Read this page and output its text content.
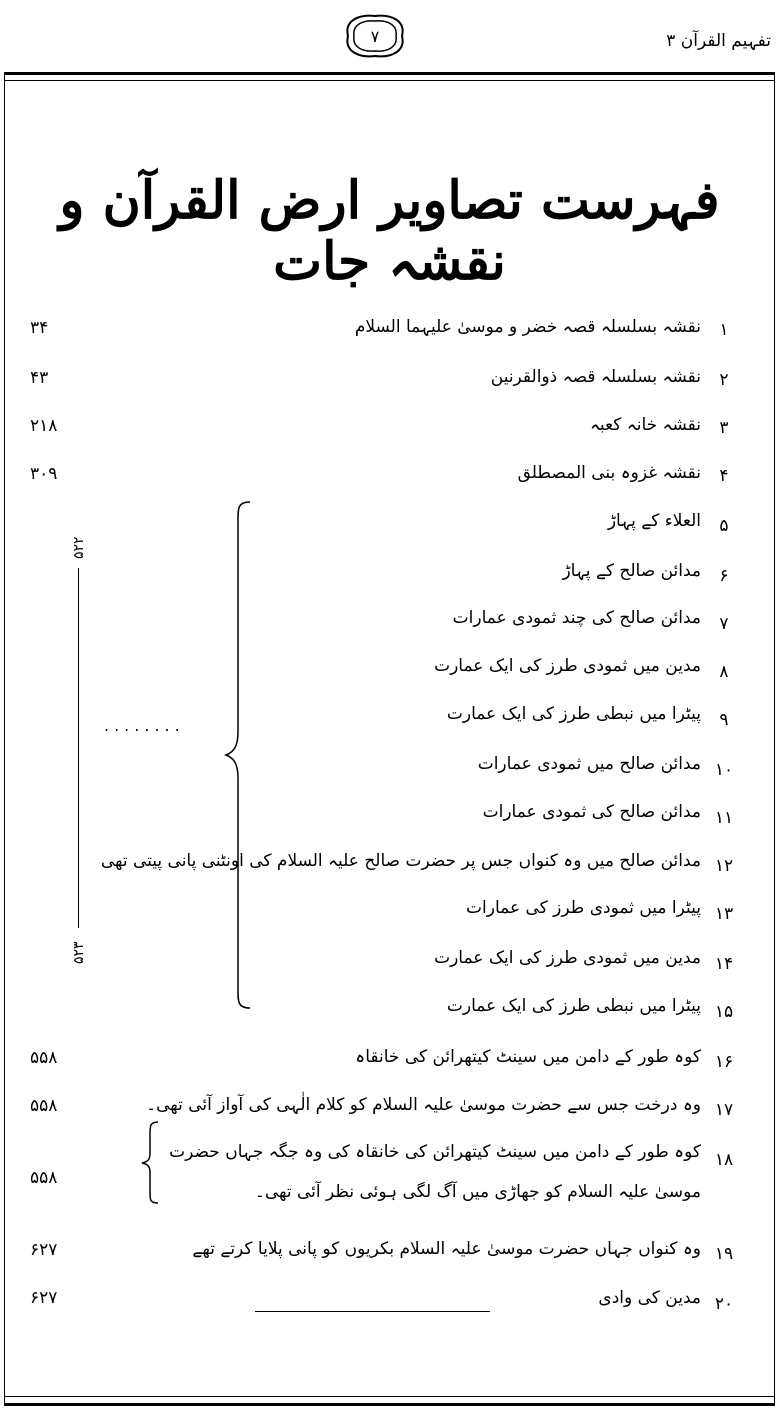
تفہیم القرآن ۳
۷
فہرست تصاویر ارض القرآن و نقشہ جات
۱
نقشہ بسلسلہ قصہ خضر و موسیٰ علیہما السلام
۳۴
۲
نقشہ بسلسلہ قصہ ذوالقرنین
۴۳
۳
نقشہ خانہ کعبہ
۲۱۸
۴
نقشہ غزوہ بنی المصطلق
۳۰۹
۵
العلاء کے پہاڑ
۶
مدائن صالح کے پہاڑ
۷
مدائن صالح کی چند ثمودی عمارات
۸
مدین میں ثمودی طرز کی ایک عمارت
۹
پیٹرا میں نبطی طرز کی ایک عمارت
۱۰
مدائن صالح میں ثمودی عمارات
۱۱
مدائن صالح کی ثمودی عمارات
۱۲
مدائن صالح میں وہ کنواں جس پر حضرت صالح علیہ السلام کی اونٹنی پانی پیتی تھی
۱۳
پیٹرا میں ثمودی طرز کی عمارات
۱۴
مدین میں ثمودی طرز کی ایک عمارت
۱۵
پیٹرا میں نبطی طرز کی ایک عمارت
۱۶
کوہ طور کے دامن میں سینٹ کیتھرائن کی خانقاہ
۵۵۸
۱۷
وہ درخت جس سے حضرت موسیٰ علیہ السلام کو کلام الٰہی کی آواز آئی تھی۔
۵۵۸
۱۸
کوہ طور کے دامن میں سینٹ کیتھرائن کی خانقاہ کی وہ جگہ جہاں حضرت موسیٰ علیہ السلام کو جھاڑی میں آگ لگی ہوئی نظر آئی تھی۔
۵۵۸
۱۹
وہ کنواں جہاں حضرت موسیٰ علیہ السلام بکریوں کو پانی پلایا کرتے تھے
۶۲۷
۲۰
مدین کی وادی
۶۲۷
۵۲۲
۵۲۳
........
